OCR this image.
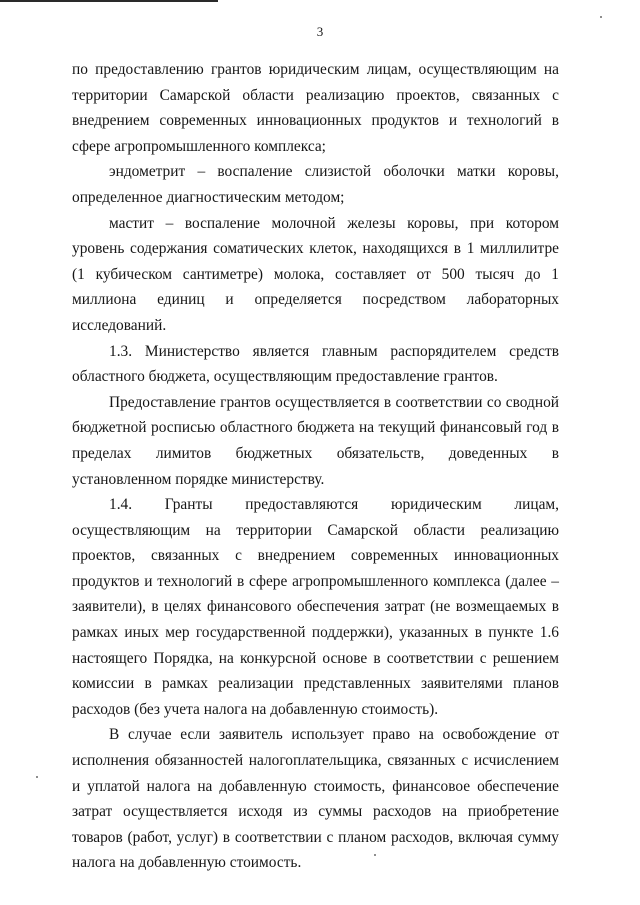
3

по предоставлению грантов юридическим лицам, осуществляющим на территории Самарской области реализацию проектов, связанных с внедрением современных инновационных продуктов и технологий в сфере агропромышленного комплекса;

эндометрит – воспаление слизистой оболочки матки коровы, определенное диагностическим методом;

мастит – воспаление молочной железы коровы, при котором уровень содержания соматических клеток, находящихся в 1 миллилитре (1 кубическом сантиметре) молока, составляет от 500 тысяч до 1 миллиона единиц и определяется посредством лабораторных исследований.

1.3. Министерство является главным распорядителем средств областного бюджета, осуществляющим предоставление грантов.

Предоставление грантов осуществляется в соответствии со сводной бюджетной росписью областного бюджета на текущий финансовый год в пределах лимитов бюджетных обязательств, доведенных в установленном порядке министерству.

1.4. Гранты предоставляются юридическим лицам, осуществляющим на территории Самарской области реализацию проектов, связанных с внедрением современных инновационных продуктов и технологий в сфере агропромышленного комплекса (далее – заявители), в целях финансового обеспечения затрат (не возмещаемых в рамках иных мер государственной поддержки), указанных в пункте 1.6 настоящего Порядка, на конкурсной основе в соответствии с решением комиссии в рамках реализации представленных заявителями планов расходов (без учета налога на добавленную стоимость).

В случае если заявитель использует право на освобождение от исполнения обязанностей налогоплательщика, связанных с исчислением и уплатой налога на добавленную стоимость, финансовое обеспечение затрат осуществляется исходя из суммы расходов на приобретение товаров (работ, услуг) в соответствии с планом расходов, включая сумму налога на добавленную стоимость.
